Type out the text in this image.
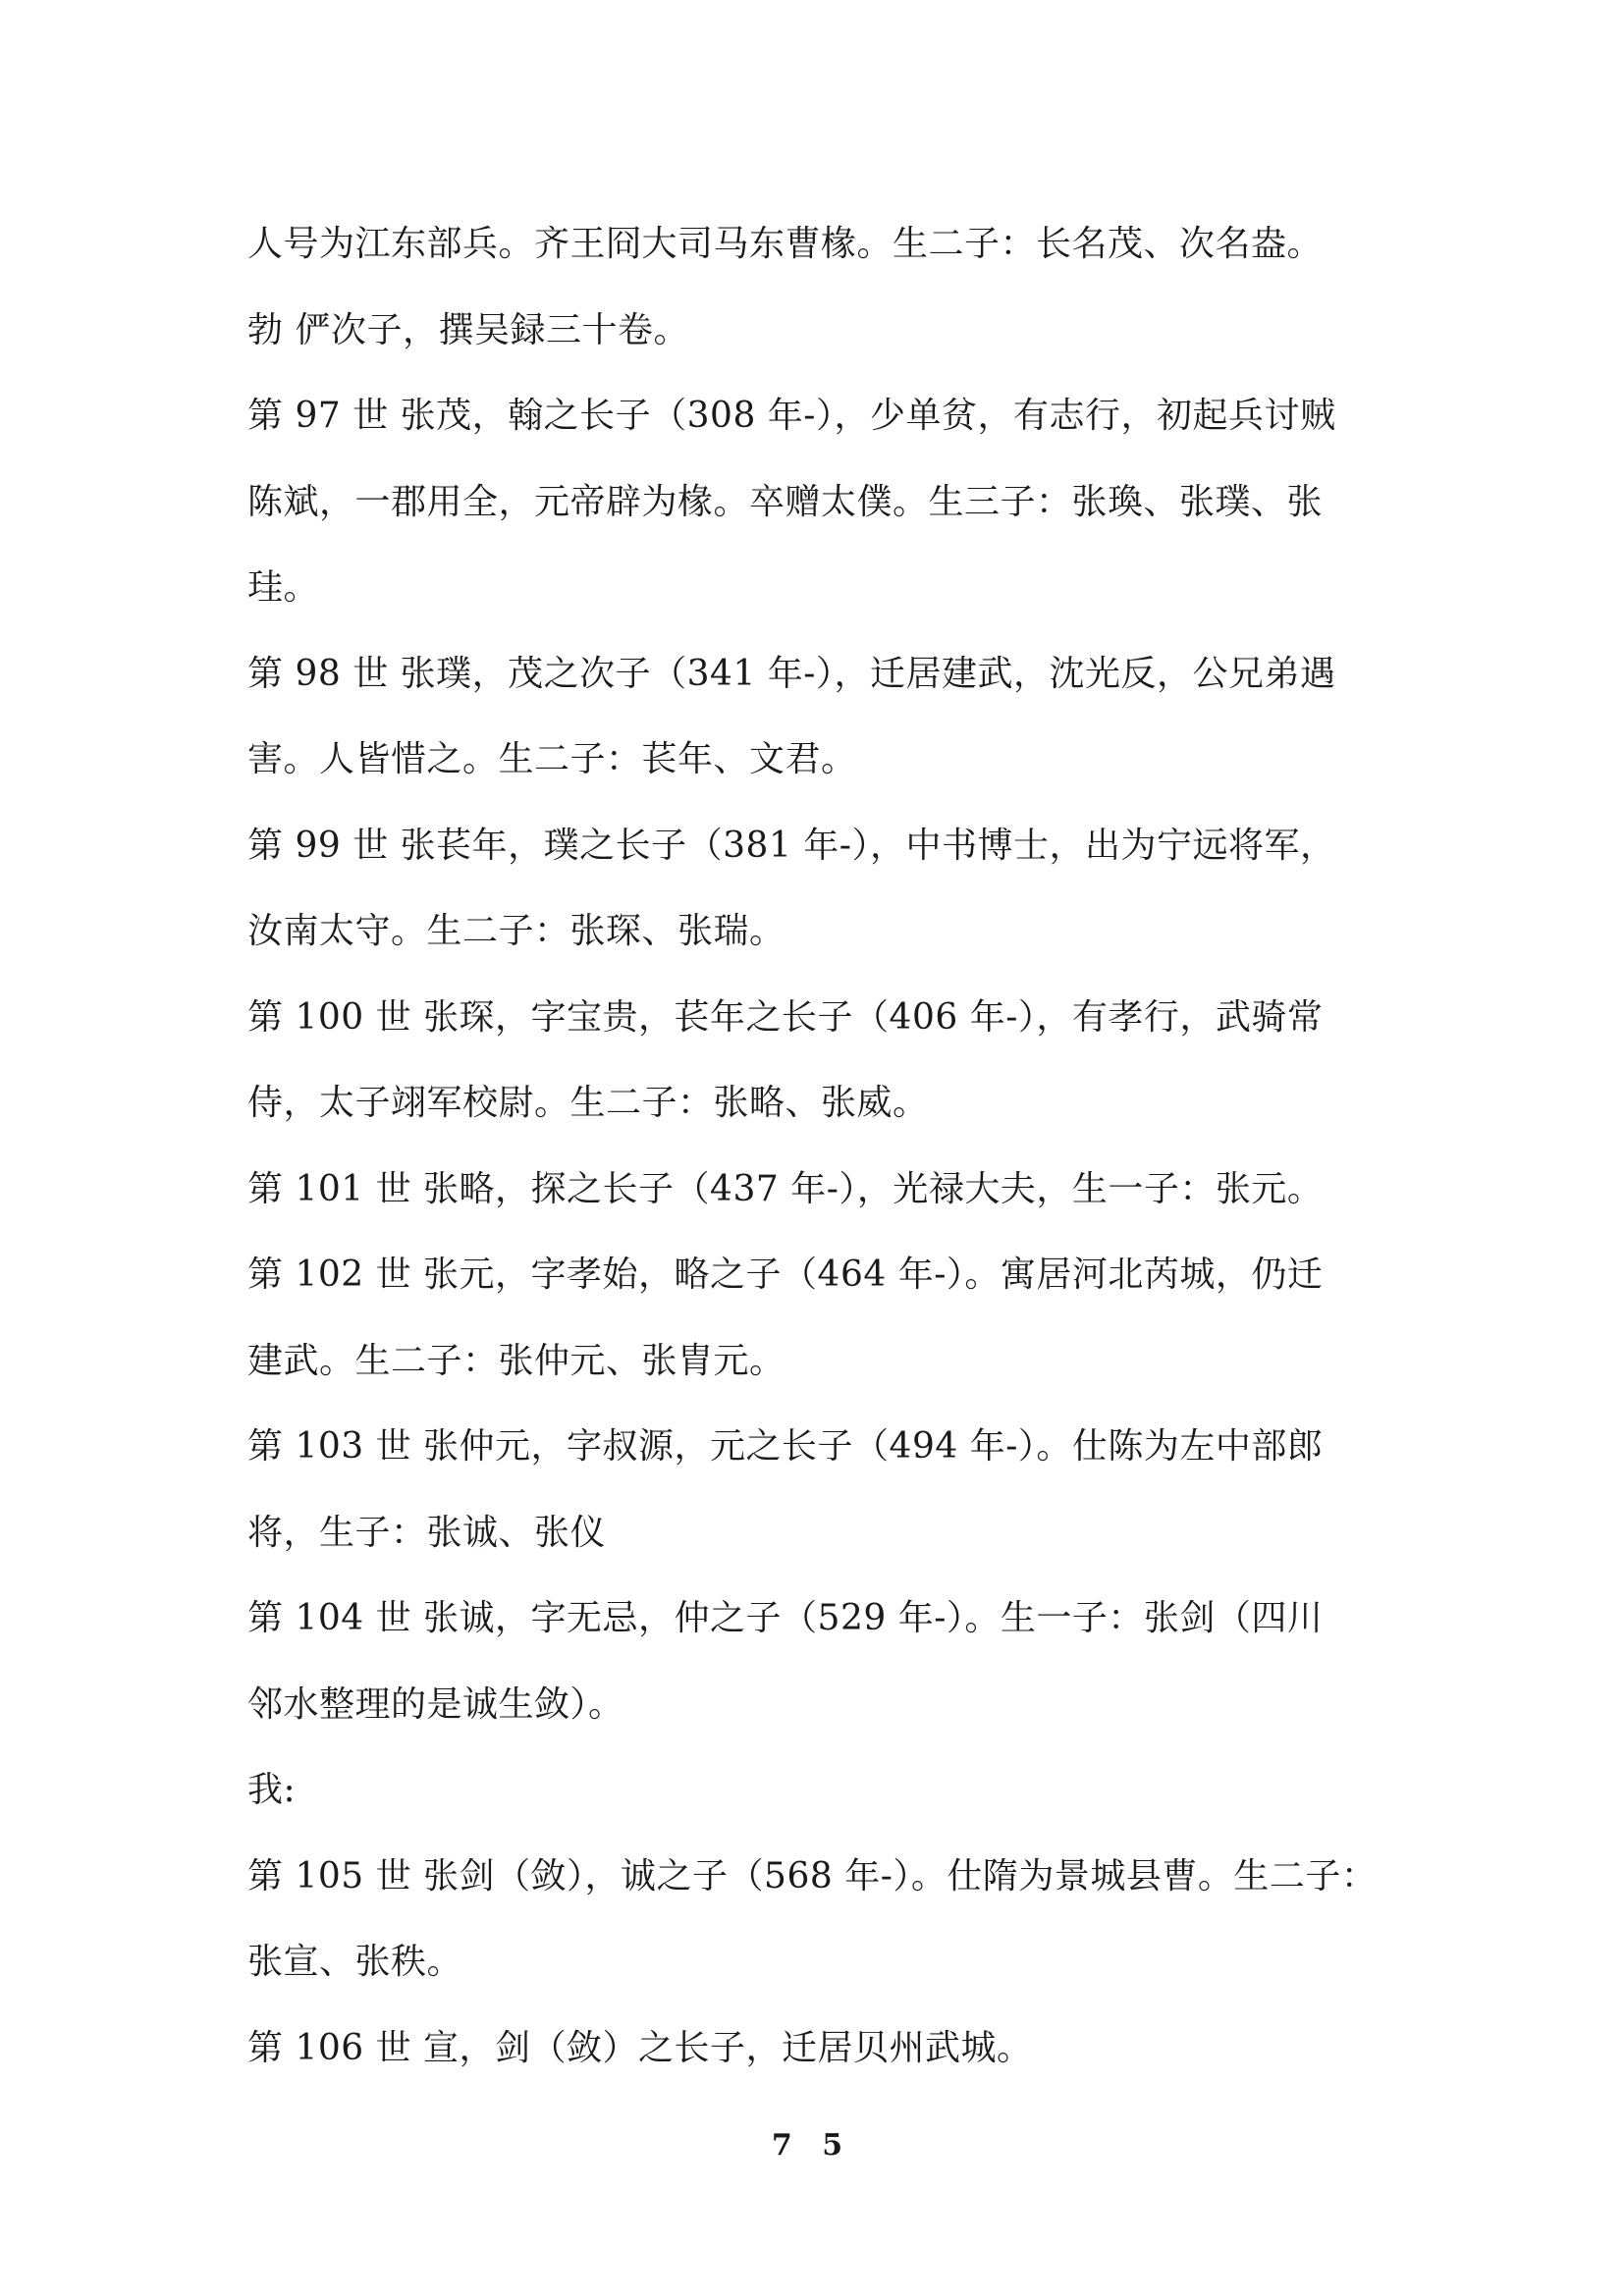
人号为江东部兵。齐王冏大司马东曹椽。生二子：长名茂、次名盎。
勃 俨次子，撰吴録三十卷。
第 97 世 张茂，翰之长子（308 年-），少单贫，有志行，初起兵讨贼
陈斌，一郡用全，元帝辟为椽。卒赠太僕。生三子：张瑍、张璞、张
珪。
第 98 世 张璞，茂之次子（341 年-），迁居建武，沈光反，公兄弟遇
害。人皆惜之。生二子：苌年、文君。
第 99 世 张苌年，璞之长子（381 年-），中书博士，出为宁远将军，
汝南太守。生二子：张琛、张瑞。
第 100 世 张琛，字宝贵，苌年之长子（406 年-），有孝行，武骑常
侍，太子翊军校尉。生二子：张略、张威。
第 101 世 张略，探之长子（437 年-），光禄大夫，生一子：张元。
第 102 世 张元，字孝始，略之子（464 年-）。寓居河北芮城，仍迁
建武。生二子：张仲元、张胄元。
第 103 世 张仲元，字叔源，元之长子（494 年-）。仕陈为左中部郎
将，生子：张诚、张仪
第 104 世 张诚，字无忌，仲之子（529 年-）。生一子：张剑（四川
邻水整理的是诚生敛）。
我:
第 105 世 张剑（敛），诚之子（568 年-）。仕隋为景城县曹。生二子：
张宣、张秩。
第 106 世 宣，剑（敛）之长子，迁居贝州武城。
7 5
